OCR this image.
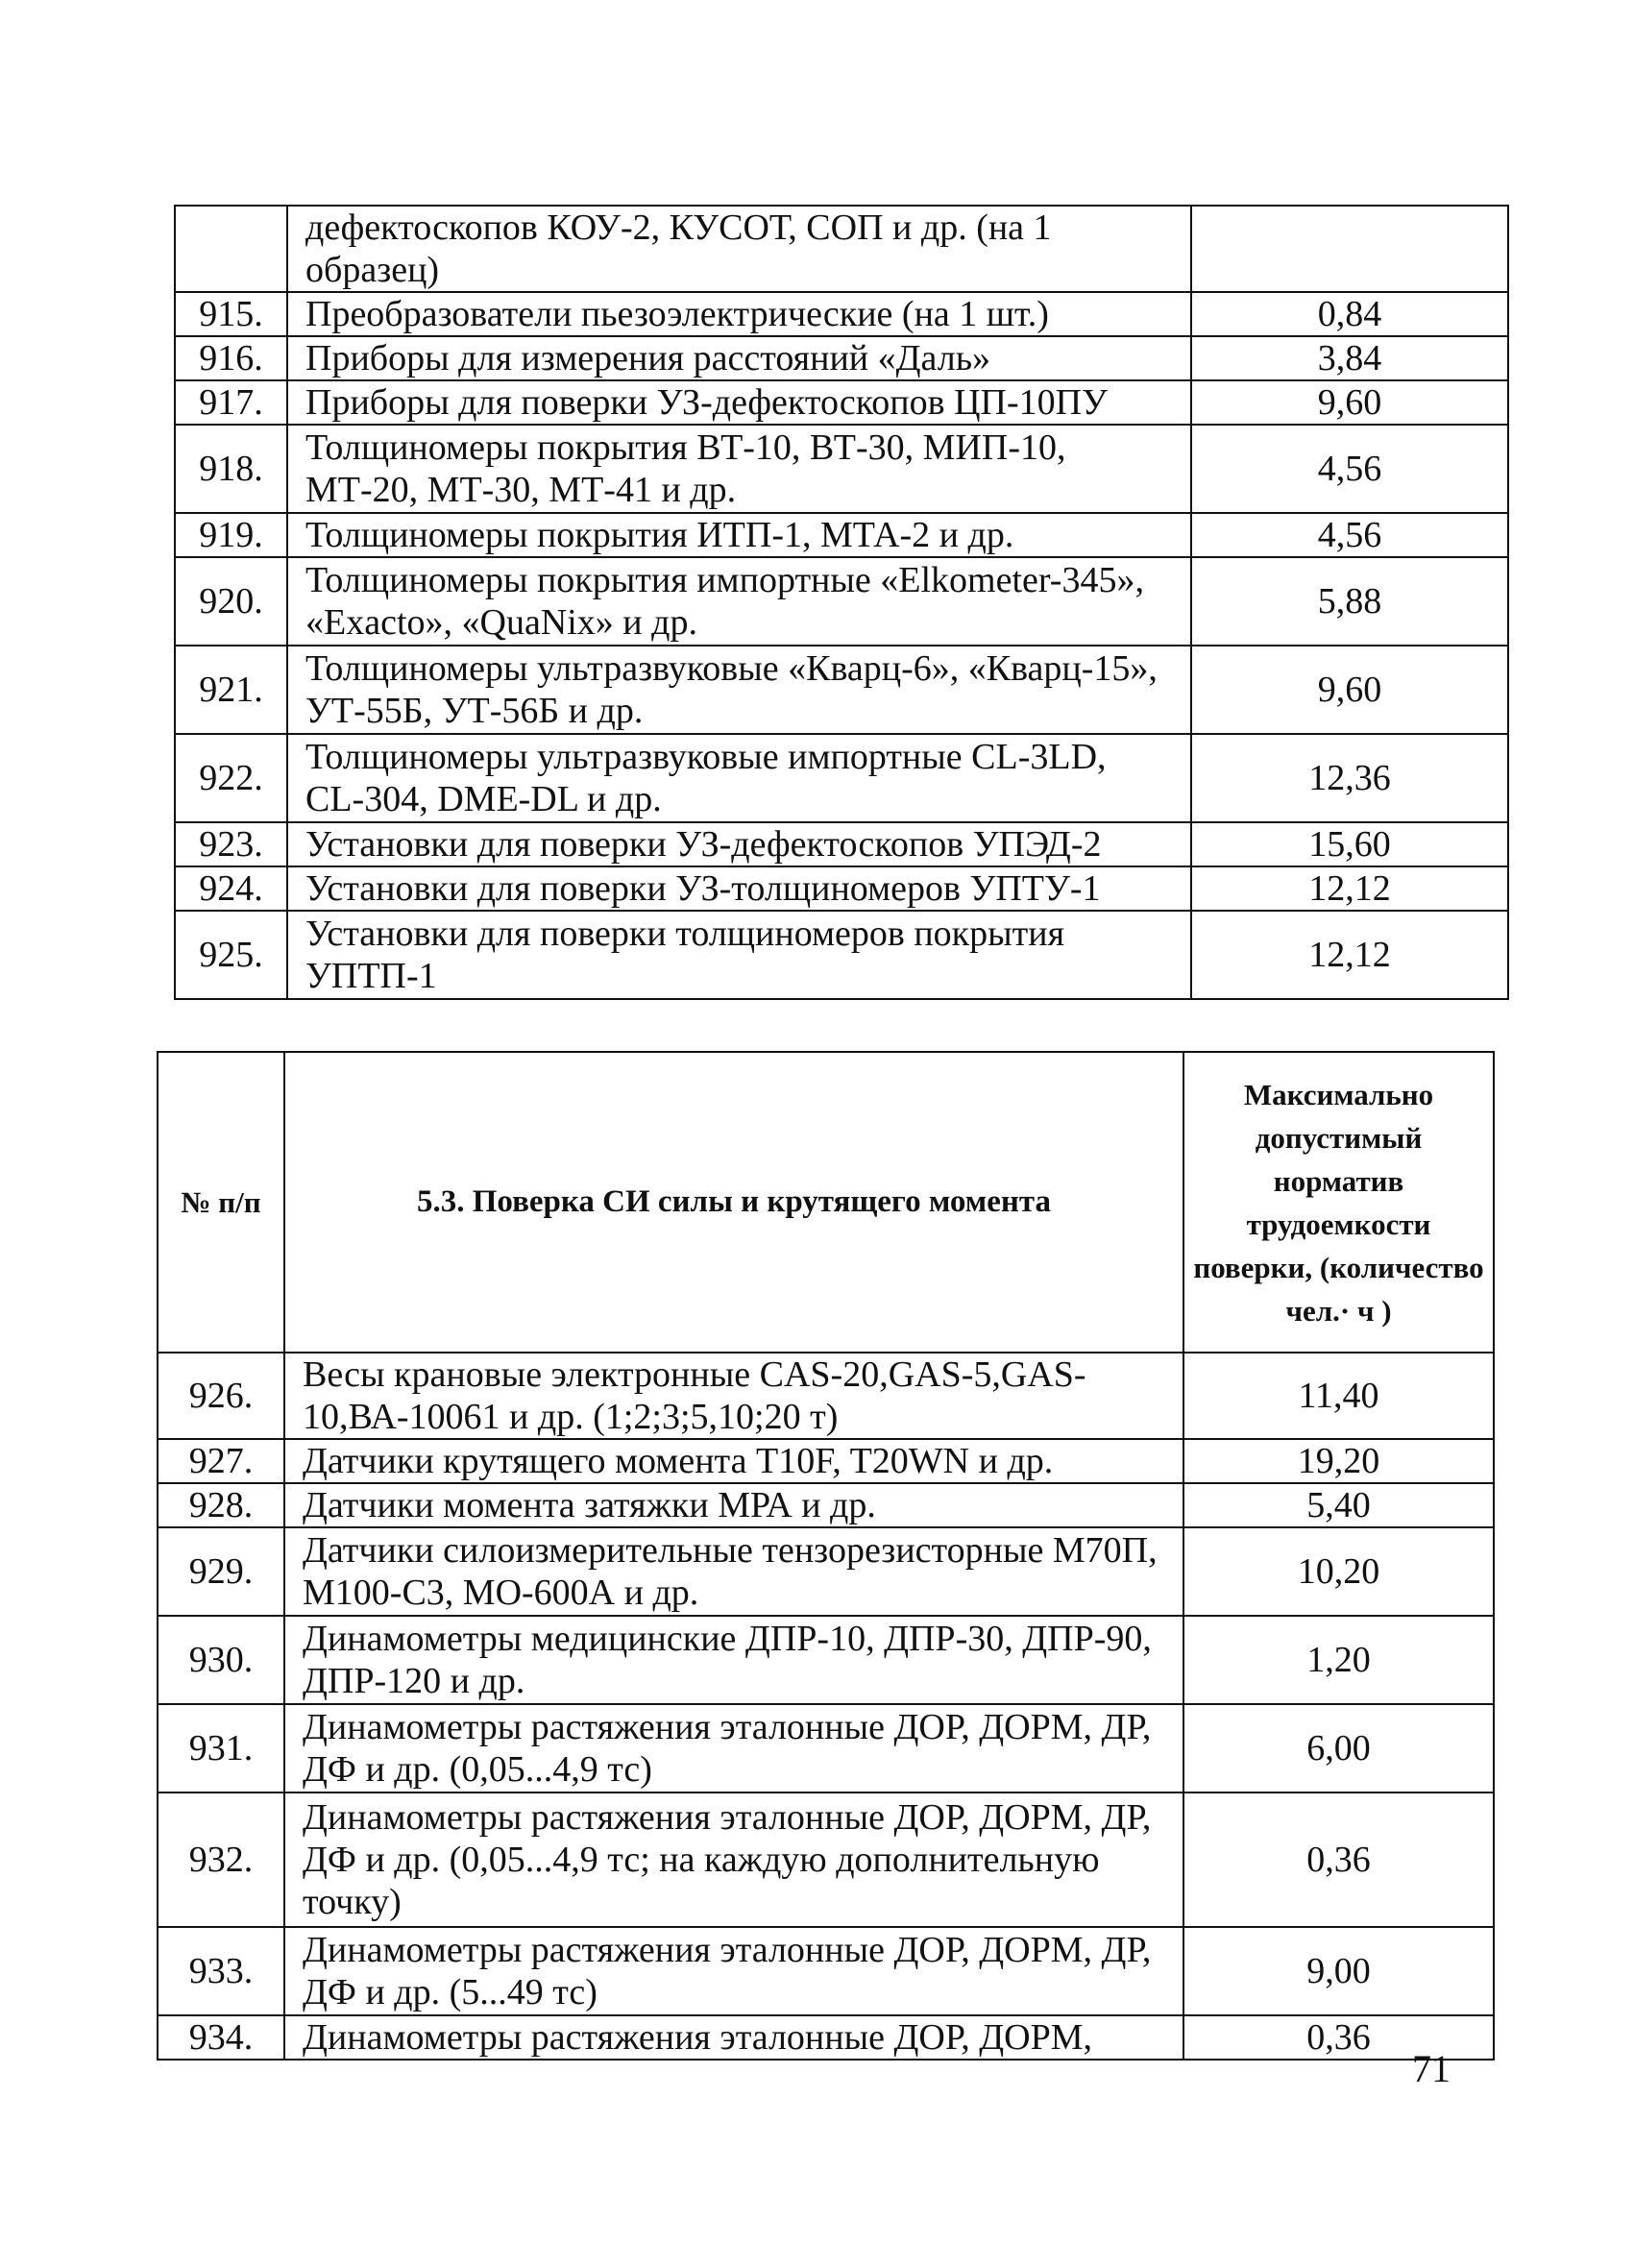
	дефектоскопов КОУ-2, КУСОТ, СОП и др. (на 1 образец)	
915.	Преобразователи пьезоэлектрические (на 1 шт.)	0,84
916.	Приборы для измерения расстояний «Даль»	3,84
917.	Приборы для поверки УЗ-дефектоскопов ЦП-10ПУ	9,60
918.	Толщиномеры покрытия ВТ-10, ВТ-30, МИП-10, МТ-20, МТ-30, МТ-41 и др.	4,56
919.	Толщиномеры покрытия ИТП-1, МТА-2 и др.	4,56
920.	Толщиномеры покрытия импортные «Elkometer-345», «Exacto», «QuaNix» и др.	5,88
921.	Толщиномеры ультразвуковые «Кварц-6», «Кварц-15», УТ-55Б, УТ-56Б и др.	9,60
922.	Толщиномеры ультразвуковые импортные CL-3LD, CL-304, DME-DL и др.	12,36
923.	Установки для поверки УЗ-дефектоскопов УПЭД-2	15,60
924.	Установки для поверки УЗ-толщиномеров УПТУ-1	12,12
925.	Установки для поверки толщиномеров покрытия УПТП-1	12,12
№ п/п	5.3. Поверка СИ силы и крутящего момента	Максимально допустимый норматив трудоемкости поверки, (количество чел.· ч )
926.	Весы крановые электронные CAS-20,GAS-5,GAS-10,ВА-10061 и др. (1;2;3;5,10;20 т)	11,40
927.	Датчики крутящего момента T10F, T20WN и др.	19,20
928.	Датчики момента затяжки МРА и др.	5,40
929.	Датчики силоизмерительные тензорезисторные М70П, М100-С3, МО-600А и др.	10,20
930.	Динамометры медицинские ДПР-10, ДПР-30, ДПР-90, ДПР-120 и др.	1,20
931.	Динамометры растяжения эталонные ДОР, ДОРМ, ДР, ДФ и др. (0,05...4,9 тс)	6,00
932.	Динамометры растяжения эталонные ДОР, ДОРМ, ДР, ДФ и др. (0,05...4,9 тс; на каждую дополнительную точку)	0,36
933.	Динамометры растяжения эталонные ДОР, ДОРМ, ДР, ДФ и др. (5...49 тс)	9,00
934.	Динамометры растяжения эталонные ДОР, ДОРМ,	0,36
71
